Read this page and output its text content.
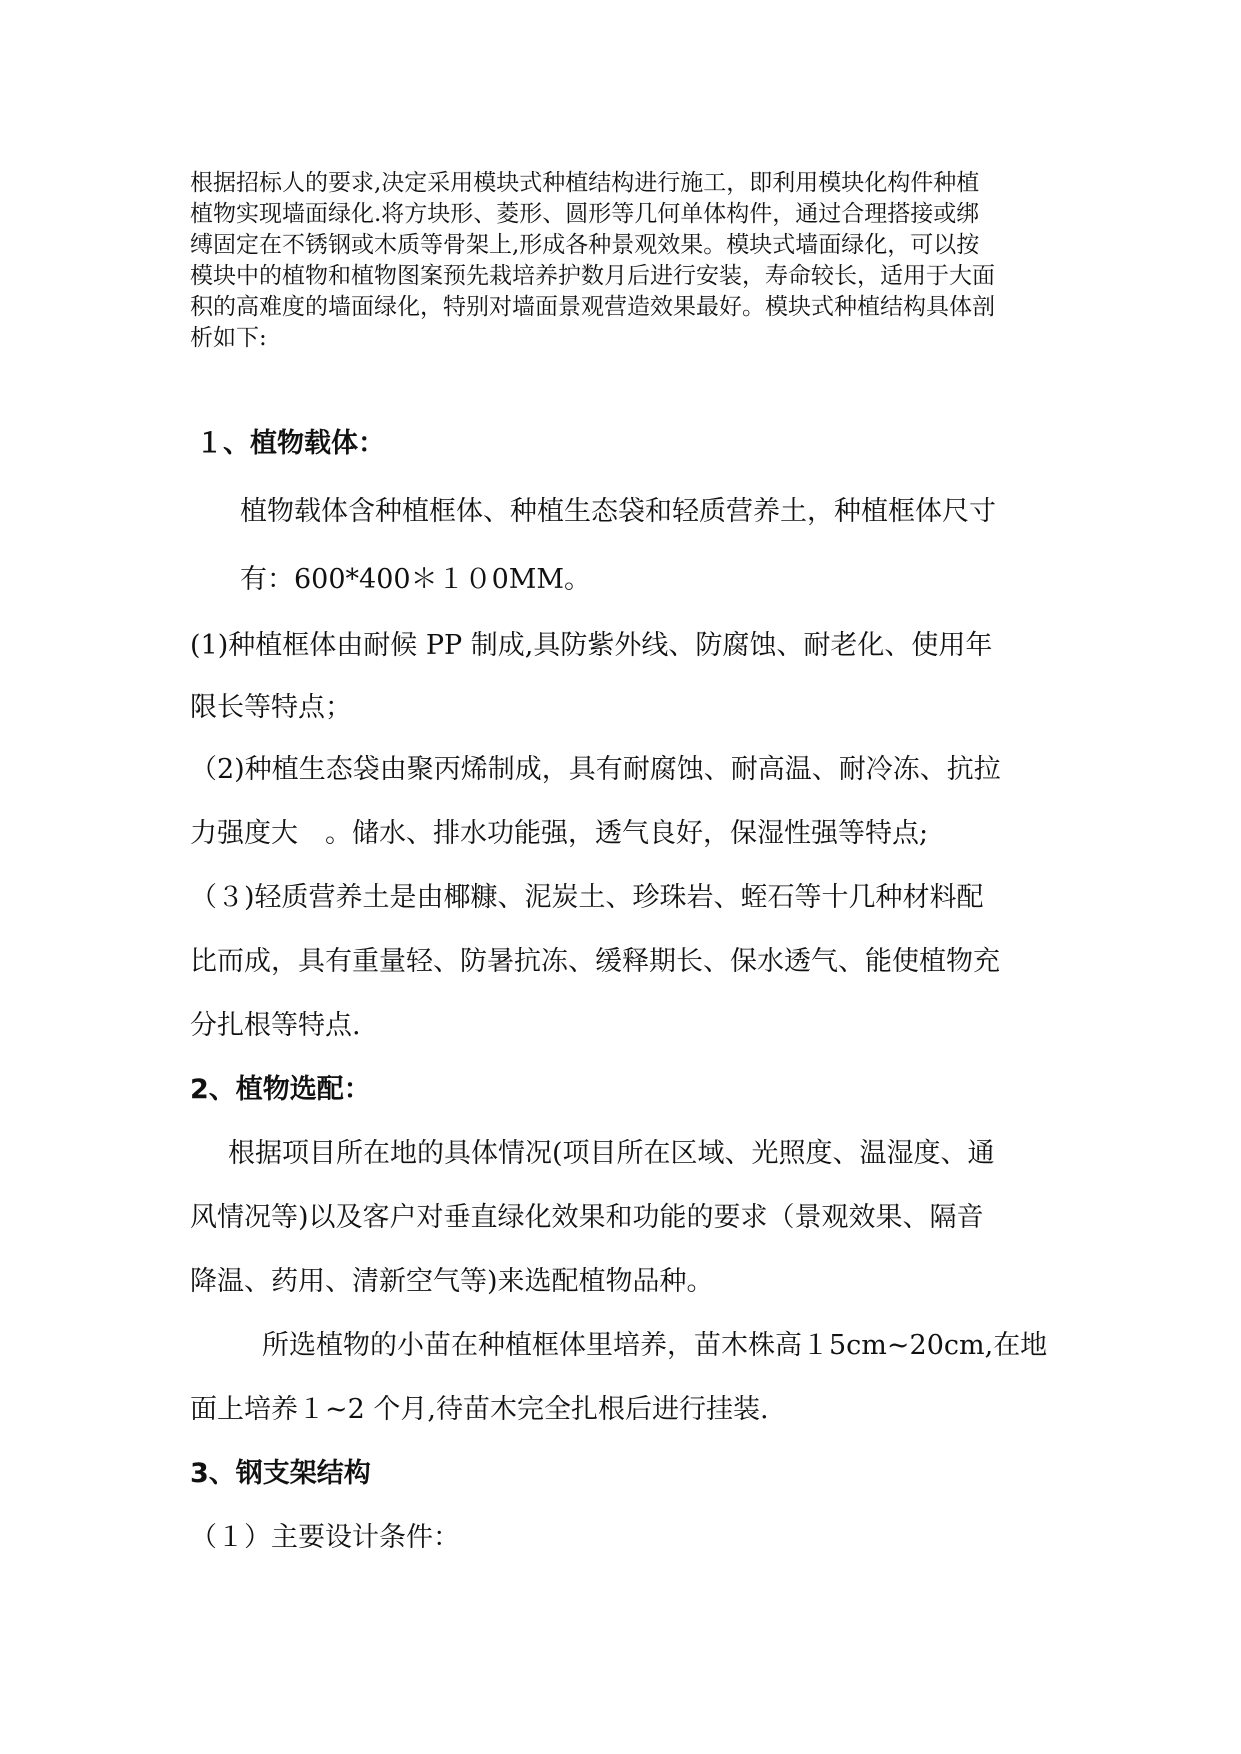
根据招标人的要求,决定采用模块式种植结构进行施工，即利用模块化构件种植
植物实现墙面绿化.将方块形、菱形、圆形等几何单体构件，通过合理搭接或绑
缚固定在不锈钢或木质等骨架上,形成各种景观效果。模块式墙面绿化，可以按
模块中的植物和植物图案预先栽培养护数月后进行安装，寿命较长，适用于大面
积的高难度的墙面绿化，特别对墙面景观营造效果最好。模块式种植结构具体剖
析如下:
１、植物载体：
植物载体含种植框体、种植生态袋和轻质营养土，种植框体尺寸
有：600*400＊１０0MM。
(1)种植框体由耐候 PP 制成,具防紫外线、防腐蚀、耐老化、使用年
限长等特点；
（2)种植生态袋由聚丙烯制成，具有耐腐蚀、耐高温、耐冷冻、抗拉
力强度大　。储水、排水功能强，透气良好，保湿性强等特点;
（３)轻质营养土是由椰糠、泥炭土、珍珠岩、蛭石等十几种材料配
比而成，具有重量轻、防暑抗冻、缓释期长、保水透气、能使植物充
分扎根等特点.
2、植物选配：
根据项目所在地的具体情况(项目所在区域、光照度、温湿度、通
风情况等)以及客户对垂直绿化效果和功能的要求（景观效果、隔音
降温、药用、清新空气等)来选配植物品种。
所选植物的小苗在种植框体里培养，苗木株高１5cm~20cm,在地
面上培养１~2 个月,待苗木完全扎根后进行挂装.
3、钢支架结构
（１）主要设计条件：
